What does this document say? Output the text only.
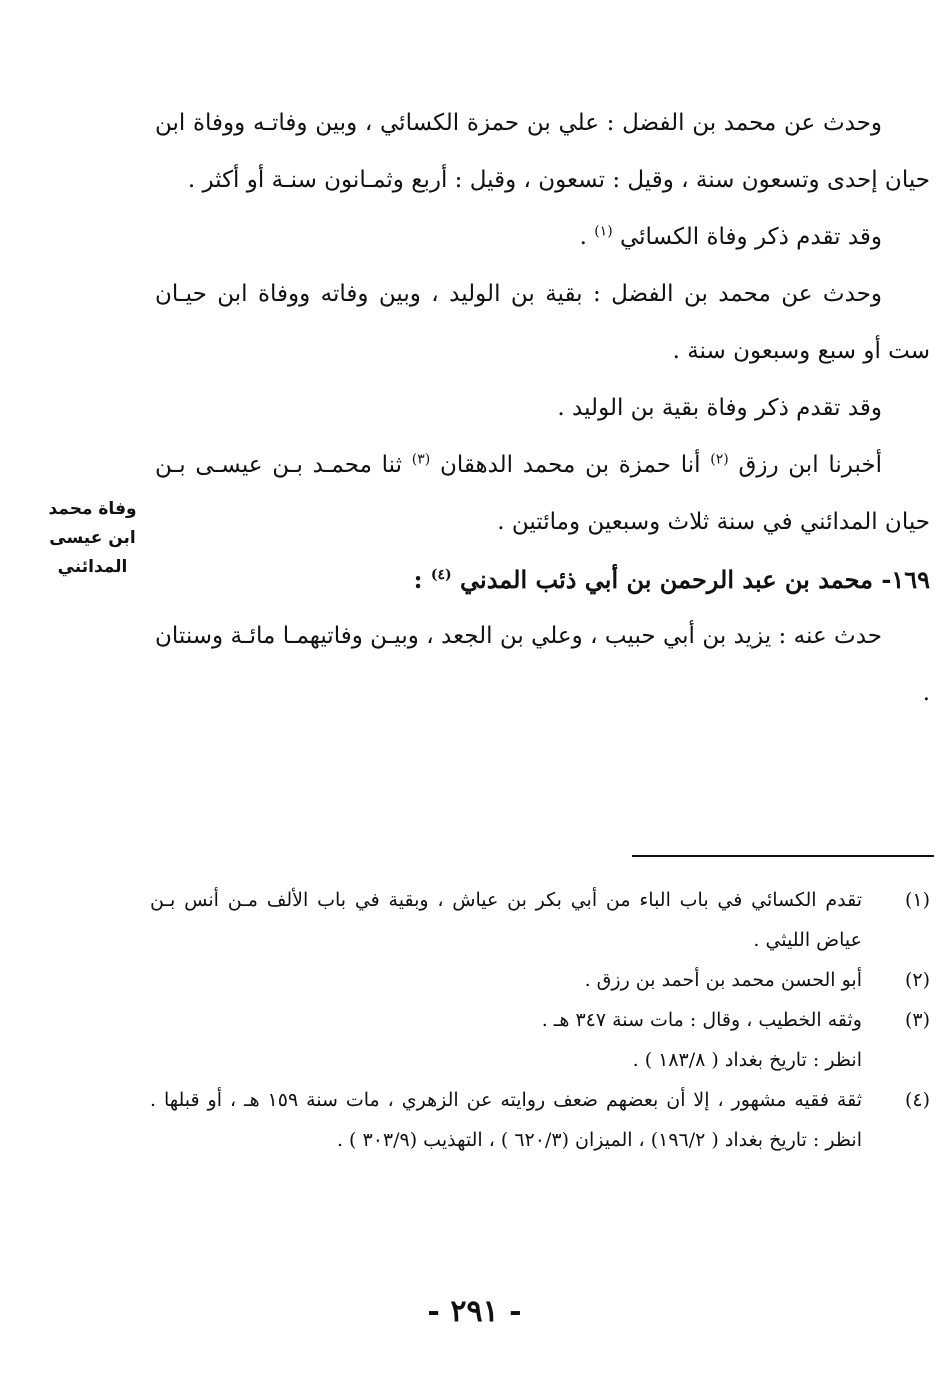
وحدث عن محمد بن الفضل : علي بن حمزة الكسائي ، وبين وفاتـه ووفاة ابن حيان إحدى وتسعون سنة ، وقيل : تسعون ، وقيل : أربع وثمـانون سنـة أو أكثر .

وقد تقدم ذكر وفاة الكسائي $^{(١)}$ .

وحدث عن محمد بن الفضل : بقية بن الوليد ، وبين وفاته ووفاة ابن حيـان ست أو سبع وسبعون سنة .

وقد تقدم ذكر وفاة بقية بن الوليد .

أخبرنا ابن رزق $^{(٢)}$ أنا حمزة بن محمد الدهقان $^{(٣)}$ ثنا محمـد بـن عيسـى بـن حيان المدائني في سنة ثلاث وسبعين ومائتين .

١٦٩- محمد بن عبد الرحمن بن أبي ذئب المدني $^{(٤)}$ :

حدث عنه : يزيد بن أبي حبيب ، وعلي بن الجعد ، وبيـن وفاتيهمـا مائـة وسنتان .

وفاة محمد
ابن عيسى
المدائني
(١)
تقدم الكسائي في باب الباء من أبي بكر بن عياش ، وبقية في باب الألف مـن أنس بـن عياض الليثي .
(٢)
أبو الحسن محمد بن أحمد بن رزق .
(٣)
وثقه الخطيب ، وقال : مات سنة ٣٤٧ هـ .
انظر : تاريخ بغداد ( ١٨٣/٨ ) .
(٤)
ثقة فقيه مشهور ، إلا أن بعضهم ضعف روايته عن الزهري ، مات سنة ١٥٩ هـ ، أو قبلها . انظر : تاريخ بغداد ( ١٩٦/٢) ، الميزان (٦٢٠/٣ ) ، التهذيب (٣٠٣/٩ ) .
- ٢٩١ -
